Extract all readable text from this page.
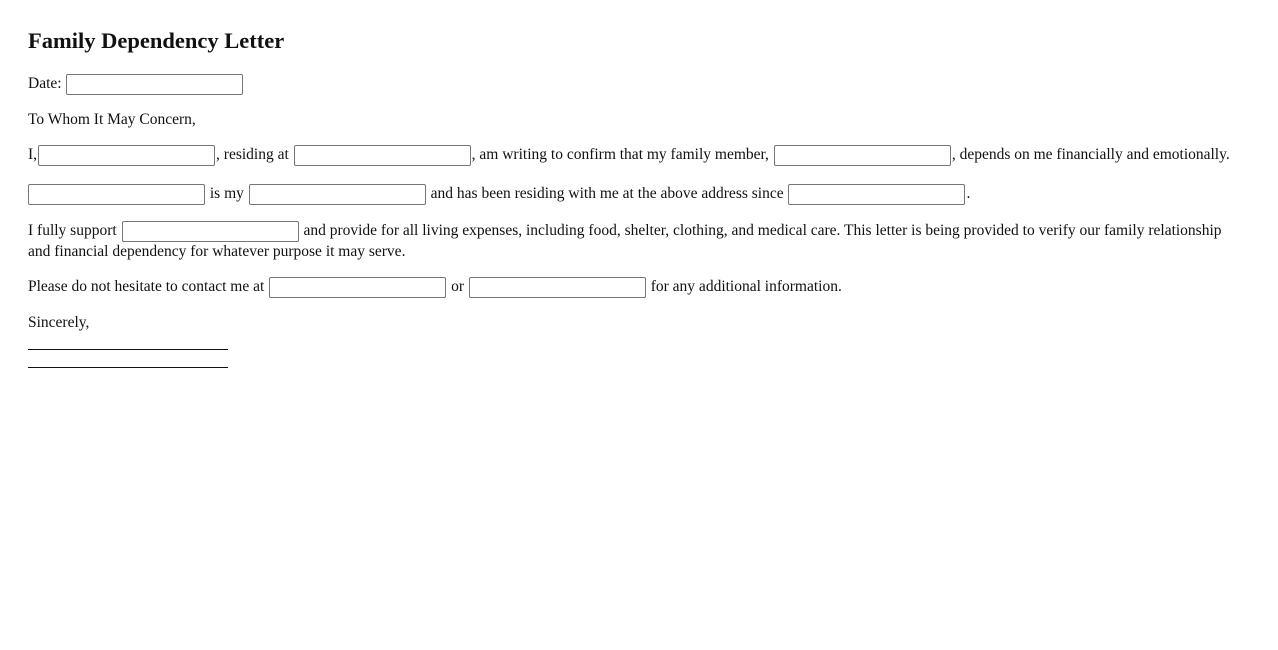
Family Dependency Letter
Date:
To Whom It May Concern,
I,	, residing at	, am writing to confirm that my family member,	, depends on me financially and emotionally.
is my	and has been residing with me at the above address since	.
I fully support	and provide for all living expenses, including food, shelter, clothing, and medical care. This letter is being provided to verify our family relationship and financial dependency for whatever purpose it may serve.
Please do not hesitate to contact me at	or	for any additional information.
Sincerely,
